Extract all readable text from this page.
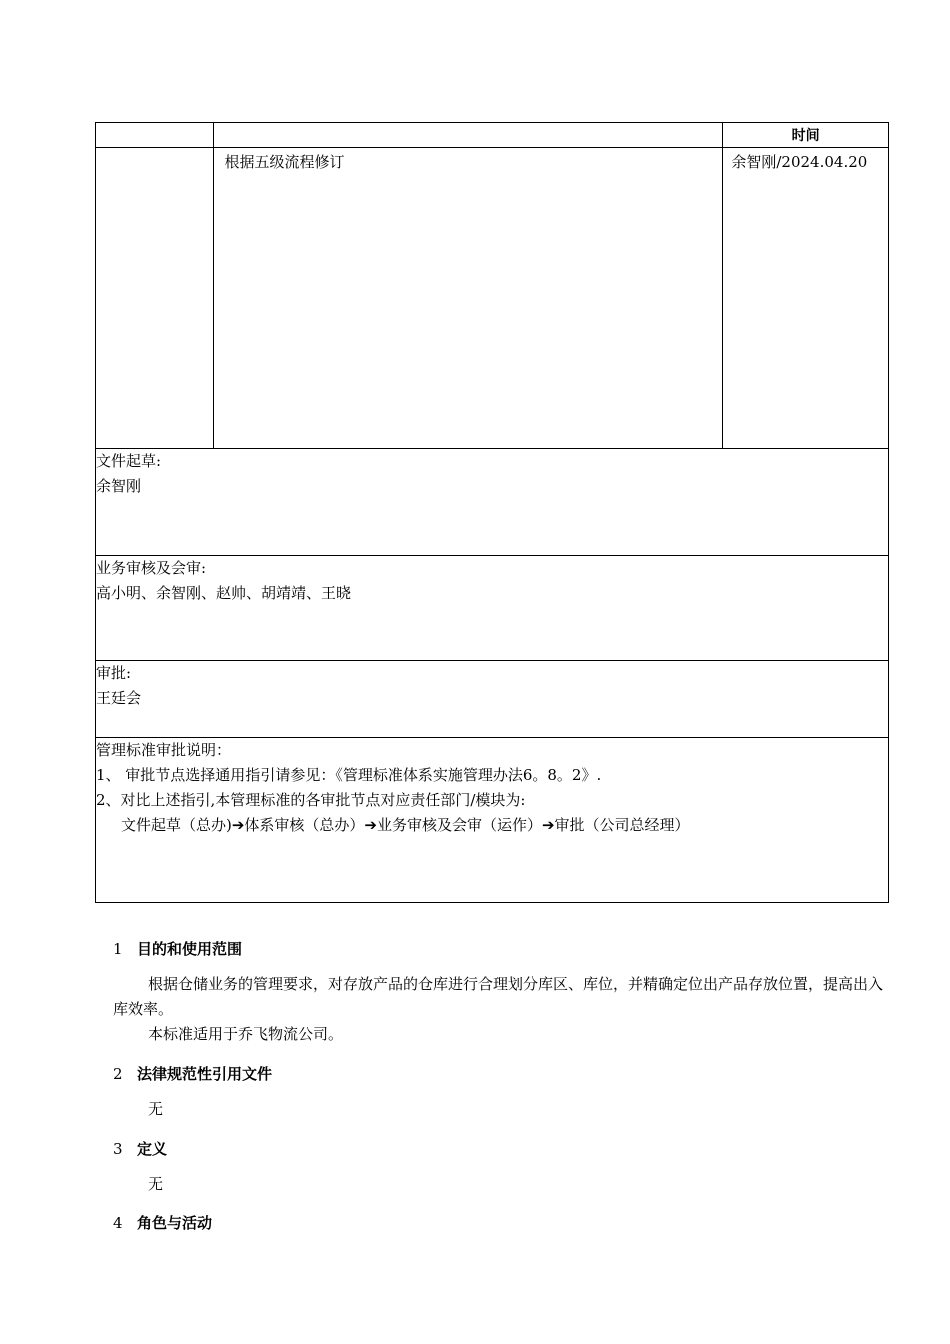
		时间
	根据五级流程修订	余智刚/2024.04.20

文件起草:
余智刚		

业务审核及会审:
高小明、余智刚、赵帅、胡靖靖、王晓		

审批:
王廷会		

管理标准审批说明：
1、 审批节点选择通用指引请参见：《管理标准体系实施管理办法6。8。2》.
2、对比上述指引,本管理标准的各审批节点对应责任部门/模块为:
文件起草（总办)➔体系审核（总办）➔业务审核及会审（运作）➔审批（公司总经理）		
1 目的和使用范围

根据仓储业务的管理要求，对存放产品的仓库进行合理划分库区、库位，并精确定位出产品存放位置，提高出入库效率。

本标准适用于乔飞物流公司。

2 法律规范性引用文件

无

3 定义

无

4 角色与活动
